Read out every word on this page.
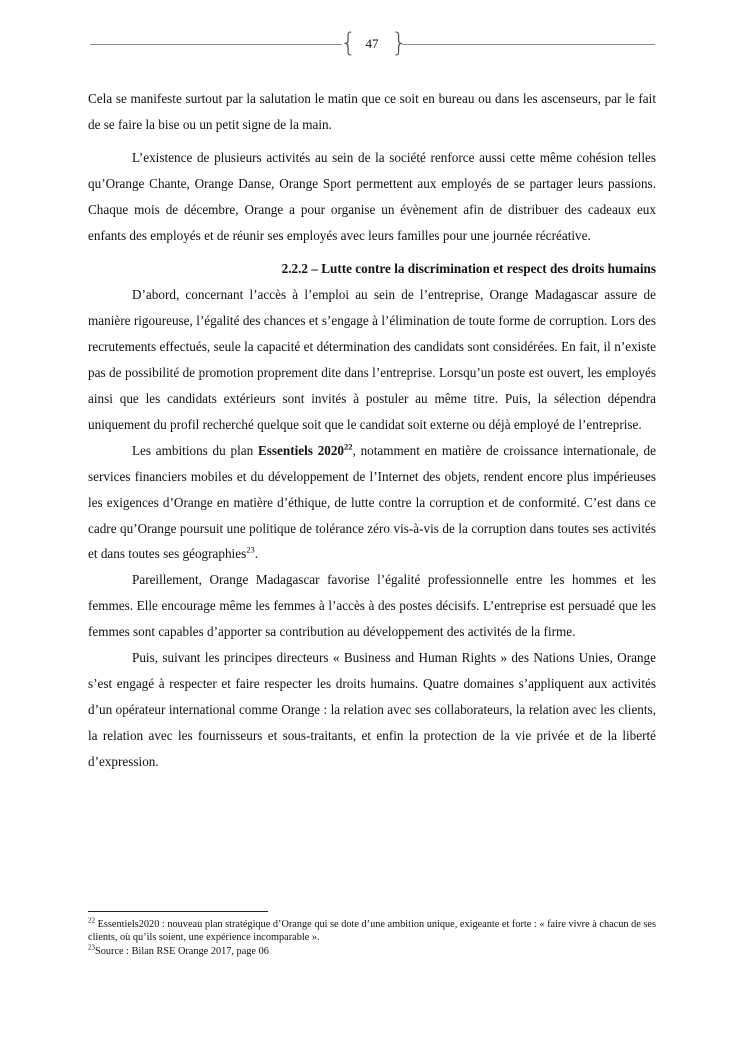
{ 47 }

Cela se manifeste surtout par la salutation le matin que ce soit en bureau ou dans les ascenseurs, par le fait de se faire la bise ou un petit signe de la main.

L’existence de plusieurs activités au sein de la société renforce aussi cette même cohésion telles qu’Orange Chante, Orange Danse, Orange Sport permettent aux employés de se partager leurs passions. Chaque mois de décembre, Orange a pour organise un évènement afin de distribuer des cadeaux eux enfants des employés et de réunir ses employés avec leurs familles pour une journée récréative.

2.2.2 – Lutte contre la discrimination et respect des droits humains

D’abord, concernant l’accès à l’emploi au sein de l’entreprise, Orange Madagascar assure de manière rigoureuse, l’égalité des chances et s’engage à l’élimination de toute forme de corruption. Lors des recrutements effectués, seule la capacité et détermination des candidats sont considérées. En fait, il n’existe pas de possibilité de promotion proprement dite dans l’entreprise. Lorsqu’un poste est ouvert, les employés ainsi que les candidats extérieurs sont invités à postuler au même titre. Puis, la sélection dépendra uniquement du profil recherché quelque soit que le candidat soit externe ou déjà employé de l’entreprise.

Les ambitions du plan Essentiels 2020$^{22}$, notamment en matière de croissance internationale, de services financiers mobiles et du développement de l’Internet des objets, rendent encore plus impérieuses les exigences d’Orange en matière d’éthique, de lutte contre la corruption et de conformité. C’est dans ce cadre qu’Orange poursuit une politique de tolérance zéro vis-à-vis de la corruption dans toutes ses activités et dans toutes ses géographies$^{23}$.

Pareillement, Orange Madagascar favorise l’égalité professionnelle entre les hommes et les femmes. Elle encourage même les femmes à l’accès à des postes décisifs. L’entreprise est persuadé que les femmes sont capables d’apporter sa contribution au développement des activités de la firme.

Puis, suivant les principes directeurs « Business and Human Rights » des Nations Unies, Orange s’est engagé à respecter et faire respecter les droits humains. Quatre domaines s’appliquent aux activités d’un opérateur international comme Orange : la relation avec ses collaborateurs, la relation avec les clients, la relation avec les fournisseurs et sous-traitants, et enfin la protection de la vie privée et de la liberté d’expression.

$^{22}$ Essentiels2020 : nouveau plan stratégique d’Orange qui se dote d’une ambition unique, exigeante et forte : « faire vivre à chacun de ses clients, où qu’ils soient, une expérience incomparable ».

$^{23}$Source : Bilan RSE Orange 2017, page 06
